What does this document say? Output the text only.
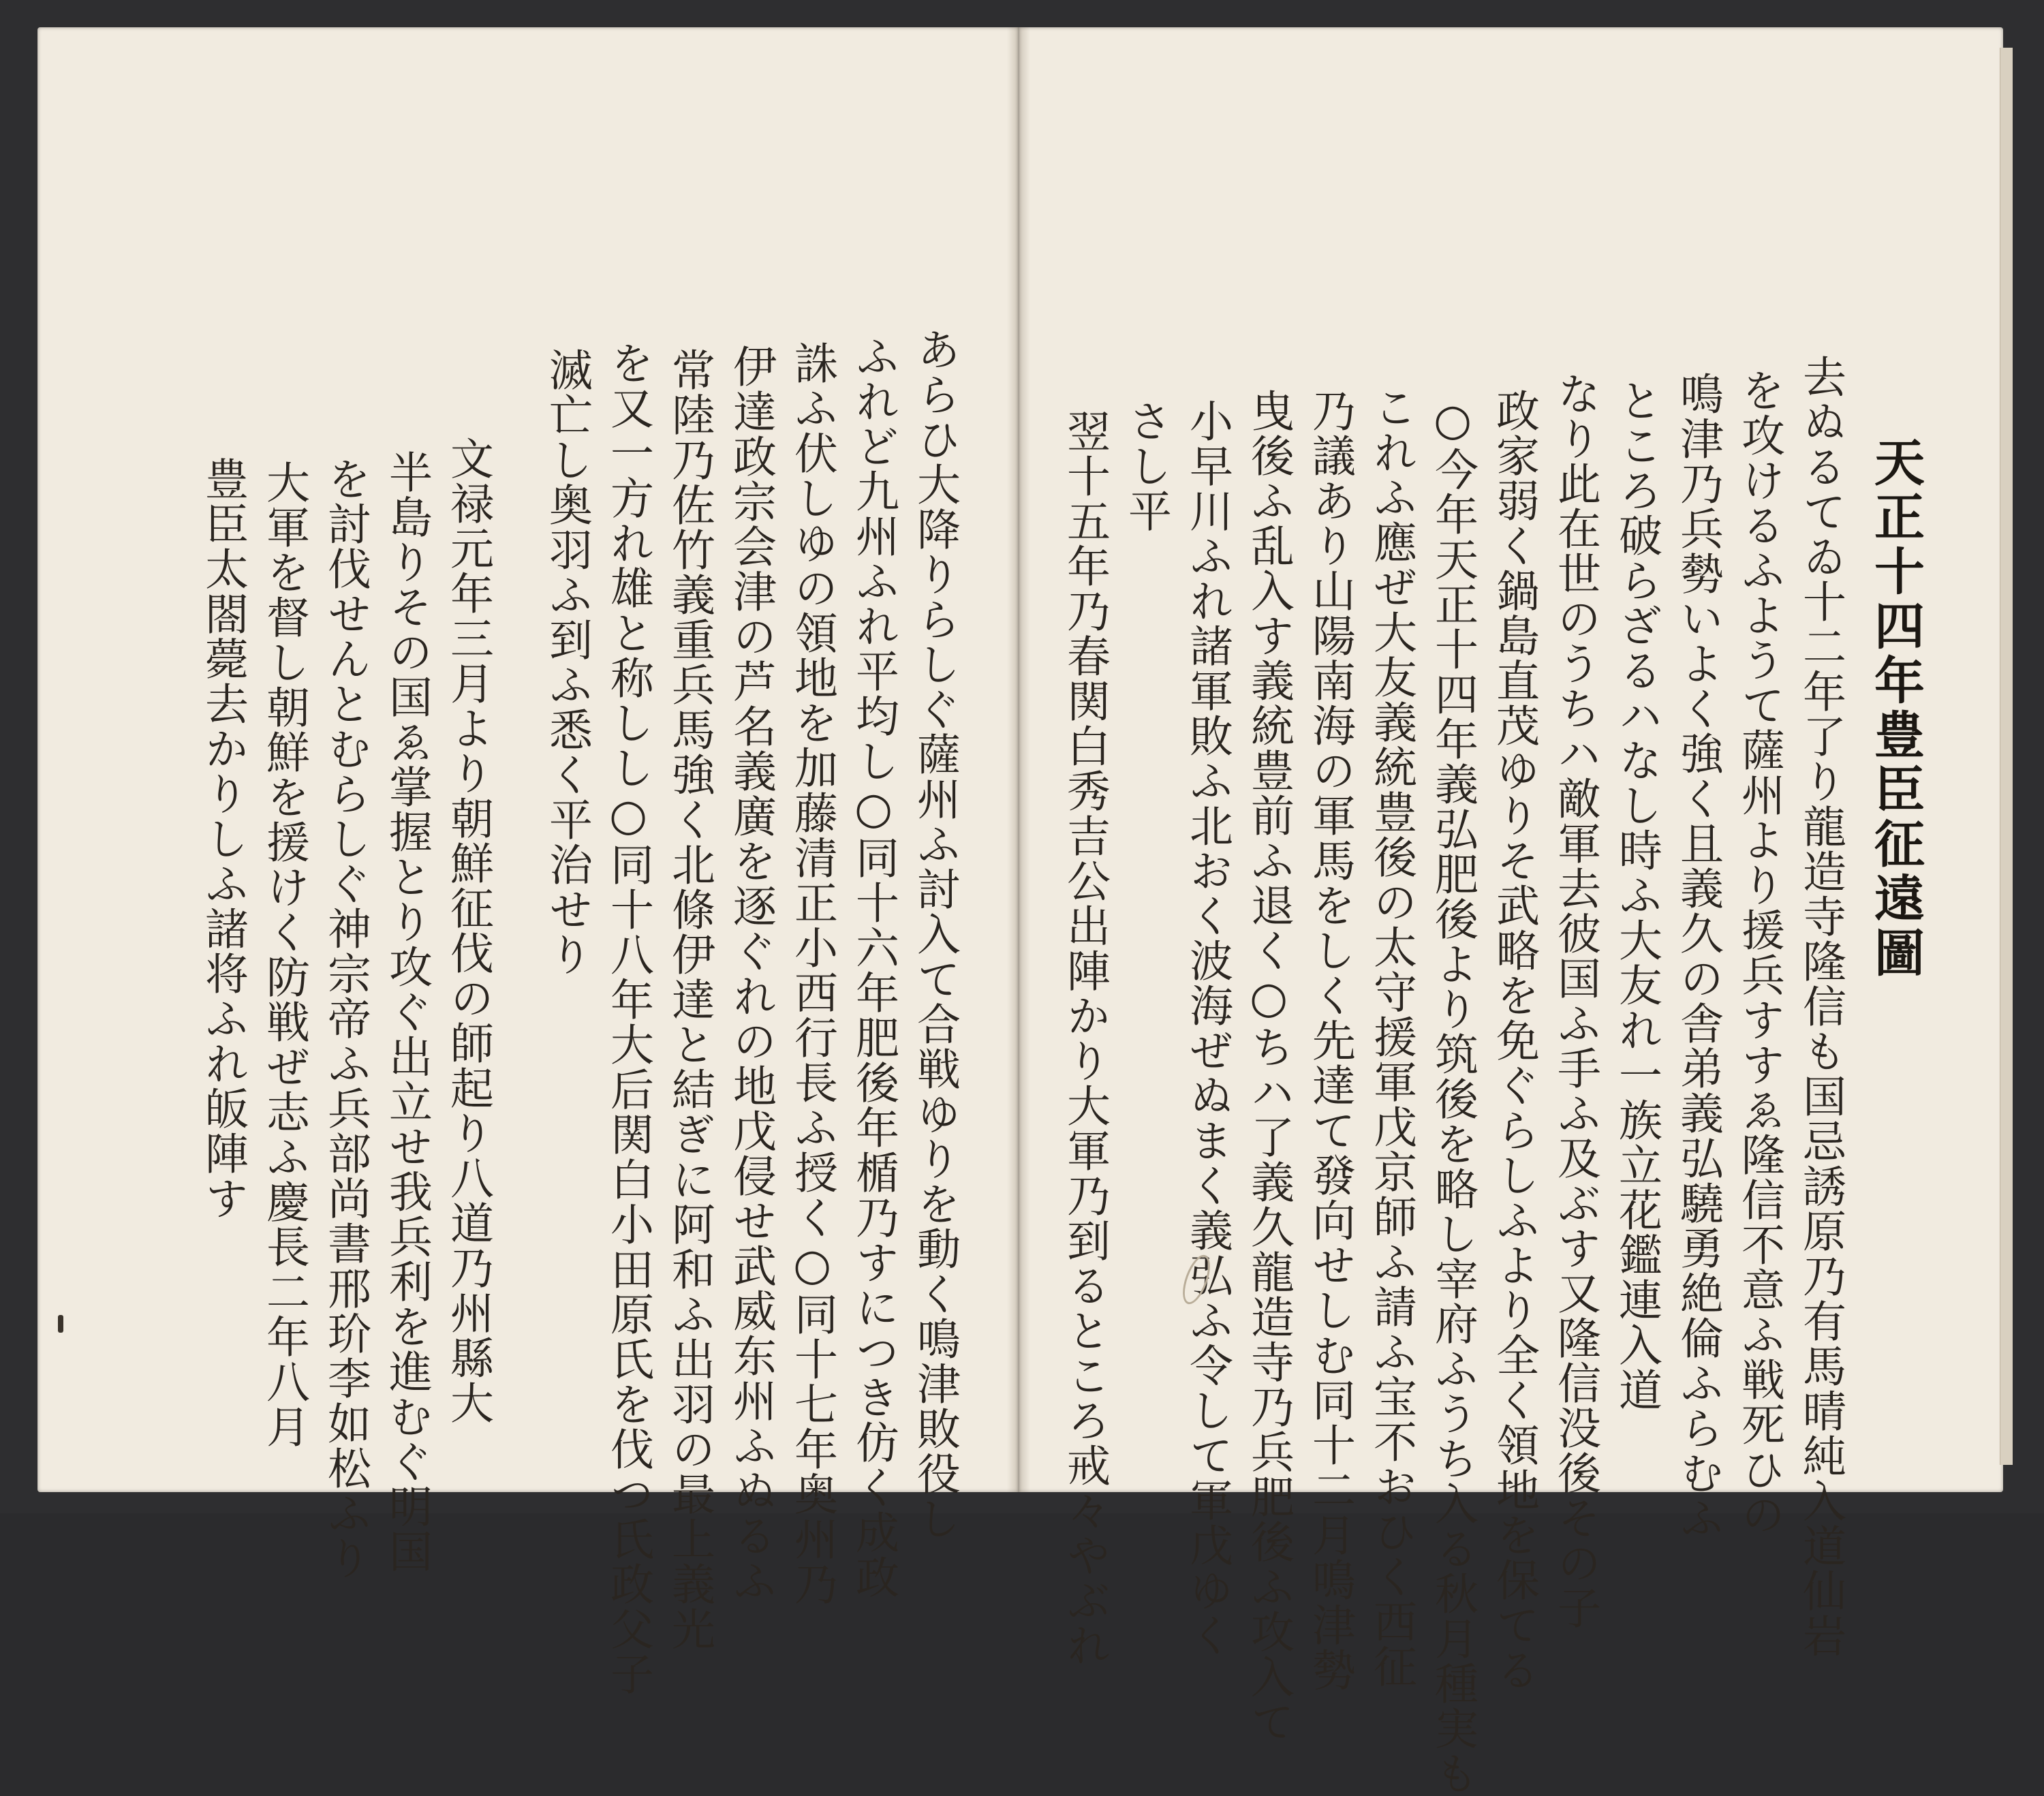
天正十四年豊臣征遠圖
去ぬるてゐ十二年了り龍造寺隆信も国忌誘原乃有馬晴純入道仙岩
を攻けるふようて薩州より援兵すすゑ隆信不意ふ戦死ひの
鳴津乃兵勢いよく強く且義久の舎弟義弘驍勇絶倫ふらむふ
ところ破らざるハなし時ふ大友れ一族立花鑑連入道
なり此在世のうちハ敵軍去彼国ふ手ふ及ぶす又隆信没後その子
政家弱く鍋島直茂ゆりそ武略を免ぐらしふより全く領地を保てる
○今年天正十四年義弘肥後より筑後を略し宰府ふうち入る秋月種実も
これふ應ぜ大友義統豊後の太守援軍戊京師ふ請ふ宝不おひく西征
乃議あり山陽南海の軍馬をしく先達て發向せしむ同十二月鳴津勢
曳後ふ乱入す義統豊前ふ退く○ちハ了義久龍造寺乃兵肥後ふ攻入て
小早川ふれ諸軍敗ふ北おく波海ぜぬまく義弘ふ令して軍戊ゆく
さし平
翌十五年乃春関白秀吉公出陣かり大軍乃到るところ戒々やぶれ
あらひ大降りらしぐ薩州ふ討入て合戦ゆりを動く鳴津敗役し
ふれど九州ふれ平均し○同十六年肥後年楯乃すにつき仿く成政
誅ふ伏しゆの領地を加藤清正小西行長ふ授く○同十七年奥州乃
伊達政宗会津の芦名義廣を逐ぐれの地戊侵せ武威东州ふぬるふ
常陸乃佐竹義重兵馬強く北條伊達と結ぎに阿和ふ出羽の最上義光
を又一方れ雄と称しし○同十八年大后関白小田原氏を伐つ氏政父子
滅亡し奥羽ふ到ふ悉く平治せり
文禄元年三月より朝鮮征伐の師起り八道乃州縣大
半島りその国ゑ掌握とり攻ぐ出立せ我兵利を進むぐ明国
を討伐せんとむらしぐ神宗帝ふ兵部尚書邢玠李如松ふり
大軍を督し朝鮮を援けく防戦ぜ志ふ慶長二年八月
豊臣太閤薨去かりしふ諸将ふれ皈陣す
